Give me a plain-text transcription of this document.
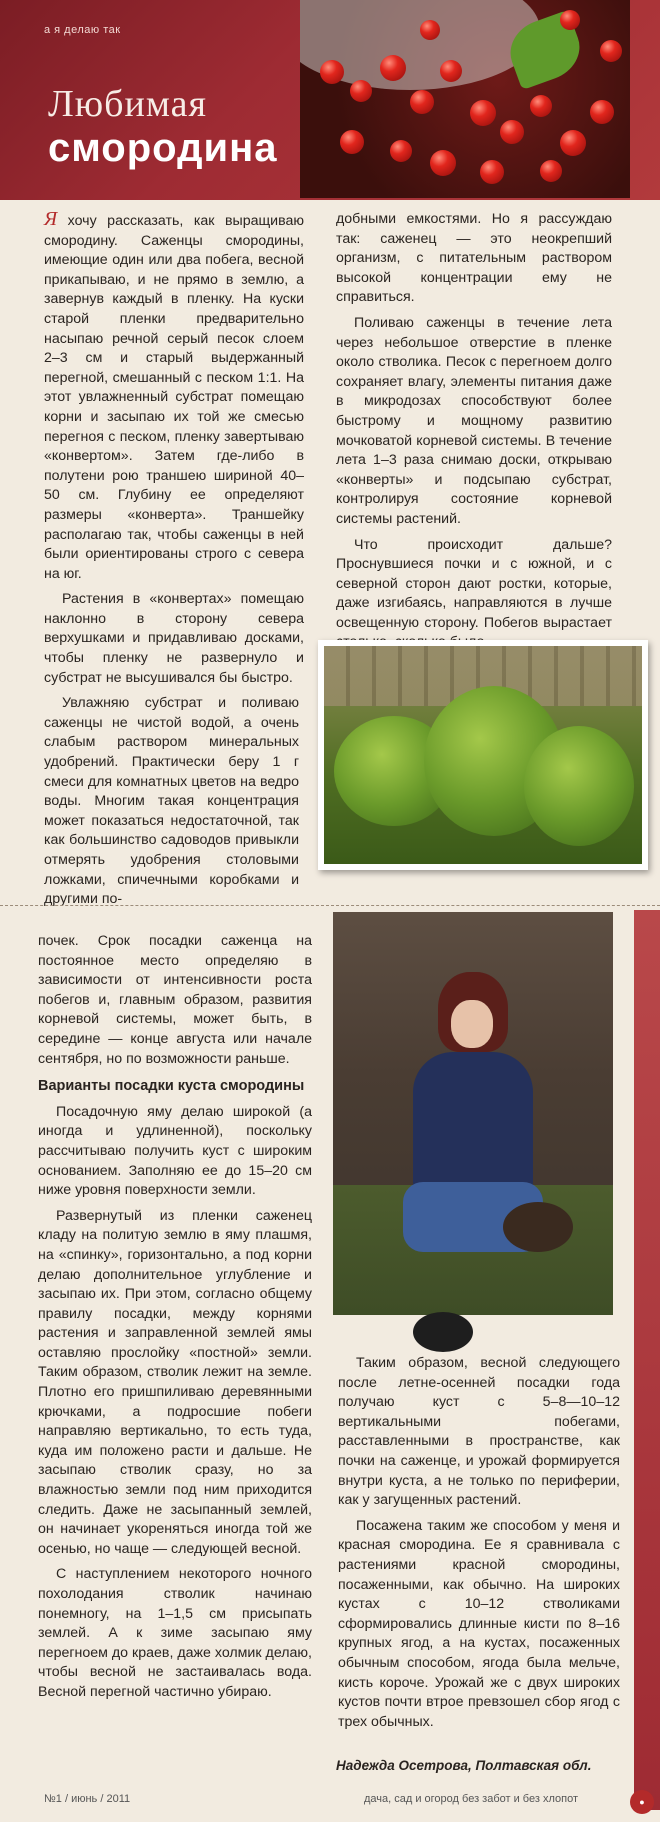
а я делаю так
Любимая
смородина

Я хочу рассказать, как выращиваю смородину. Саженцы смородины, имеющие один или два побега, весной прикапываю, и не прямо в землю, а завернув каждый в пленку. На куски старой пленки предварительно насыпаю речной серый песок слоем 2–3 см и старый выдержанный перегной, смешанный с песком 1:1. На этот увлажненный субстрат помещаю корни и засыпаю их той же смесью перегноя с песком, пленку завертываю «конвертом». Затем где-либо в полутени рою траншею шириной 40–50 см. Глубину ее определяют размеры «конверта». Траншейку располагаю так, чтобы саженцы в ней были ориентированы строго с севера на юг.

Растения в «конвертах» помещаю наклонно в сторону севера верхушками и придавливаю досками, чтобы пленку не развернуло и субстрат не высушивался бы быстро.

Увлажняю субстрат и поливаю саженцы не чистой водой, а очень слабым раствором минеральных удобрений. Практически беру 1 г смеси для комнатных цветов на ведро воды. Многим такая концентрация может показаться недостаточной, так как большинство садоводов привыкли отмерять удобрения столовыми ложками, спичечными коробками и другими по-

добными емкостями. Но я рассуждаю так: саженец — это неокрепший организм, с питательным раствором высокой концентрации ему не справиться.

Поливаю саженцы в течение лета через небольшое отверстие в пленке около стволика. Песок с перегноем долго сохраняет влагу, элементы питания даже в микродозах способствуют более быстрому и мощному развитию мочковатой корневой системы. В течение лета 1–3 раза снимаю доски, открываю «конверты» и подсыпаю субстрат, контролируя состояние корневой системы растений.

Что происходит дальше? Проснувшиеся почки и с южной, и с северной сторон дают ростки, которые, даже изгибаясь, направляются в лучше освещенную сторону. Побегов вырастает

почек. Срок посадки саженца на постоянное место определяю в зависимости от интенсивности роста побегов и, главным образом, развития корневой системы, может быть, в середине — конце августа или начале сентября, но по возможности раньше.

Варианты посадки куста смородины

Посадочную яму делаю широкой (а иногда и удлиненной), поскольку рассчитываю получить куст с широким основанием. Заполняю ее до 15–20 см ниже уровня поверхности земли.

Развернутый из пленки саженец кладу на политую землю в яму плашмя, на «спинку», горизонтально, а под корни делаю дополнительное углубление и засыпаю их. При этом, согласно общему правилу посадки, между корнями растения и заправленной землей ямы оставляю прослойку «постной» земли. Таким образом, стволик лежит на земле. Плотно его пришпиливаю деревянными крючками, а подросшие побеги направляю вертикально, то есть туда, куда им положено расти и дальше. Не засыпаю стволик сразу, но за влажностью земли под ним приходится следить. Даже не засыпанный землей, он начинает укореняться иногда той же осенью, но чаще — следующей весной.

С наступлением некоторого ночного похолодания стволик начинаю понемногу, на 1–1,5 см присыпать землей. А к зиме засыпаю яму перегноем до краев, даже холмик делаю, чтобы весной не застаивалась вода. Весной перегной частично убираю.

Таким образом, весной следующего после летне-осенней посадки года получаю куст с 5–8—10–12 вертикальными побегами, расставленными в пространстве, как почки на саженце, и урожай формируется внутри куста, а не только по периферии, как у загущенных растений.

Посажена таким же способом у меня и красная смородина. Ее я сравнивала с растениями красной смородины, посаженными, как обычно. На широких кустах с 10–12 стволиками сформировались длинные кисти по 8–16 крупных ягод, а на кустах, посаженных обычным способом, ягода была мельче, кисть короче. Урожай же с двух широких кустов почти втрое превзошел сбор ягод с трех обычных.

Надежда Осетрова, Полтавская обл.
№1 / июнь / 2011	дача, сад и огород без забот и без хлопот	●
